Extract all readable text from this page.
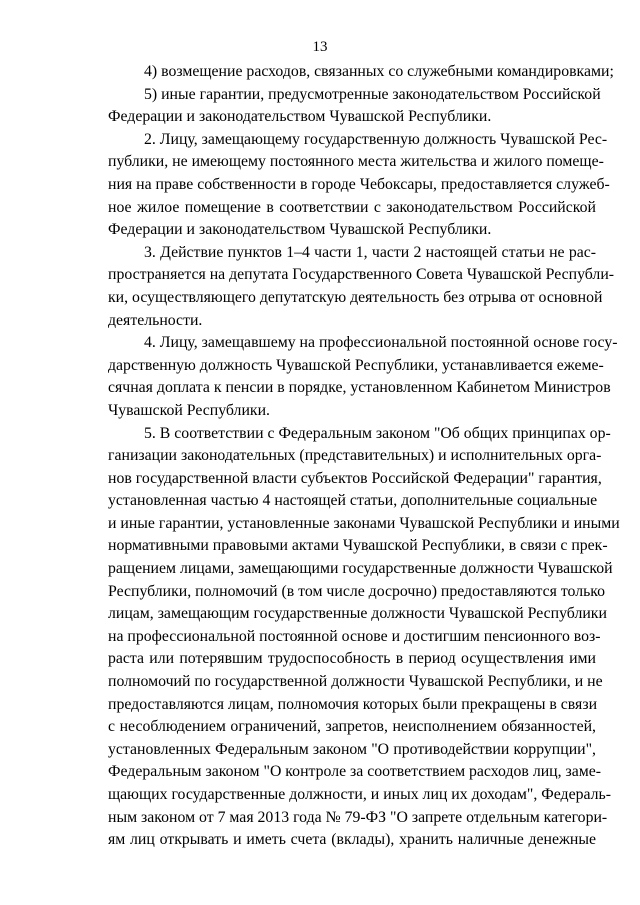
13
4) возмещение расходов, связанных со служебными командировками;
5) иные гарантии, предусмотренные законодательством Российской
Федерации и законодательством Чувашской Республики.
2. Лицу, замещающему государственную должность Чувашской Рес-
публики, не имеющему постоянного места жительства и жилого помеще-
ния на праве собственности в городе Чебоксары, предоставляется служеб-
ное жилое помещение в соответствии с законодательством Российской
Федерации и законодательством Чувашской Республики.
3. Действие пунктов 1–4 части 1, части 2 настоящей статьи не рас-
пространяется на депутата Государственного Совета Чувашской Республи-
ки, осуществляющего депутатскую деятельность без отрыва от основной
деятельности.
4. Лицу, замещавшему на профессиональной постоянной основе госу-
дарственную должность Чувашской Республики, устанавливается ежеме-
сячная доплата к пенсии в порядке, установленном Кабинетом Министров
Чувашской Республики.
5. В соответствии с Федеральным законом "Об общих принципах ор-
ганизации законодательных (представительных) и исполнительных орга-
нов государственной власти субъектов Российской Федерации" гарантия,
установленная частью 4 настоящей статьи, дополнительные социальные
и иные гарантии, установленные законами Чувашской Республики и иными
нормативными правовыми актами Чувашской Республики, в связи с прек-
ращением лицами, замещающими государственные должности Чувашской
Республики, полномочий (в том числе досрочно) предоставляются только
лицам, замещающим государственные должности Чувашской Республики
на профессиональной постоянной основе и достигшим пенсионного воз-
раста или потерявшим трудоспособность в период осуществления ими
полномочий по государственной должности Чувашской Республики, и не
предоставляются лицам, полномочия которых были прекращены в связи
с несоблюдением ограничений, запретов, неисполнением обязанностей,
установленных Федеральным законом "О противодействии коррупции",
Федеральным законом "О контроле за соответствием расходов лиц, заме-
щающих государственные должности, и иных лиц их доходам", Федераль-
ным законом от 7 мая 2013 года № 79-ФЗ "О запрете отдельным категори-
ям лиц открывать и иметь счета (вклады), хранить наличные денежные
